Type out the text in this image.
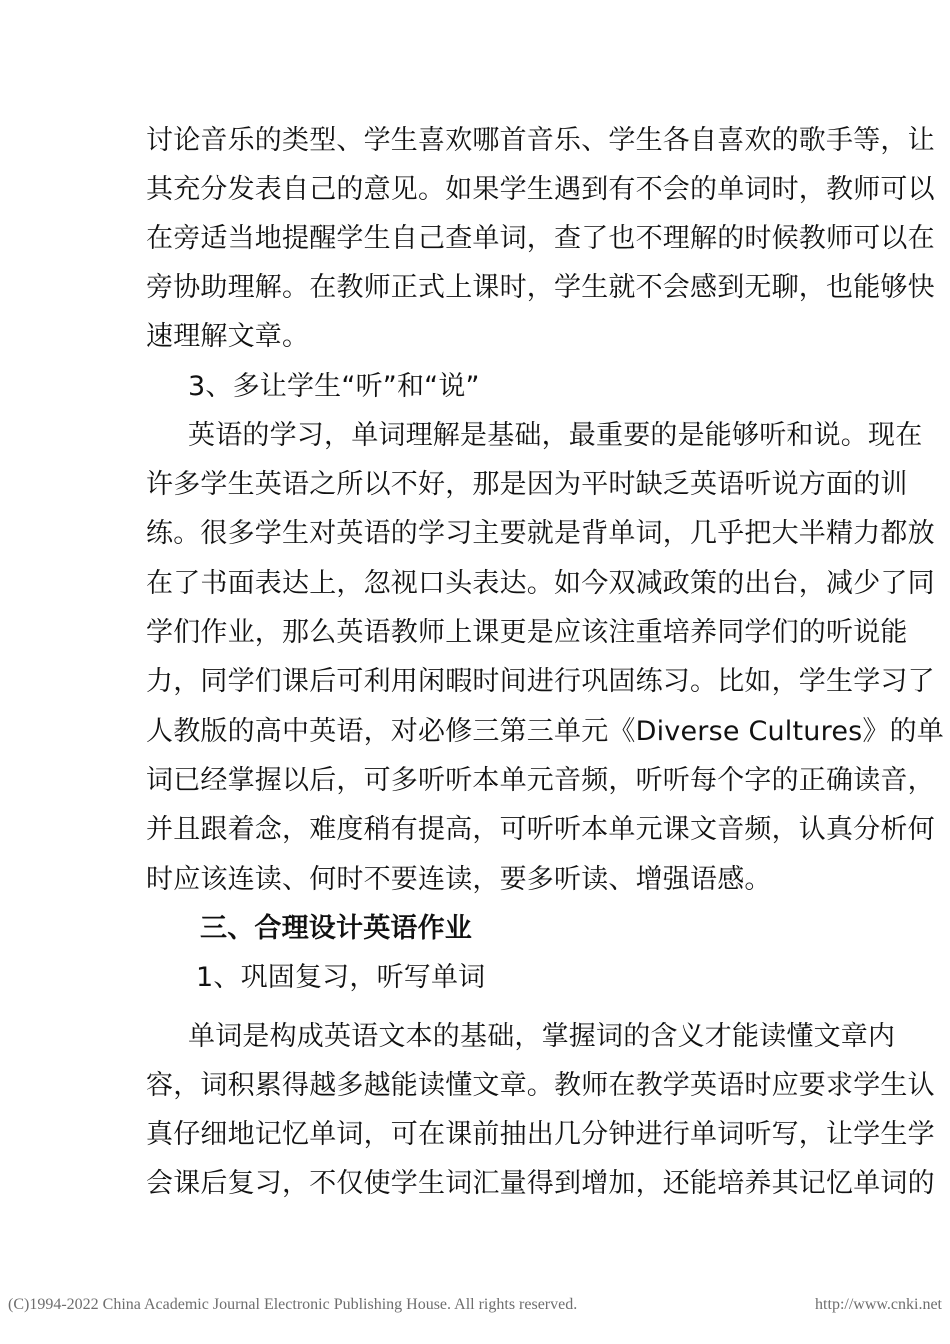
讨论音乐的类型、学生喜欢哪首音乐、学生各自喜欢的歌手等，让
其充分发表自己的意见。如果学生遇到有不会的单词时，教师可以
在旁适当地提醒学生自己查单词，查了也不理解的时候教师可以在
旁协助理解。在教师正式上课时，学生就不会感到无聊，也能够快
速理解文章。
3、多让学生“听”和“说”
英语的学习，单词理解是基础，最重要的是能够听和说。现在
许多学生英语之所以不好，那是因为平时缺乏英语听说方面的训
练。很多学生对英语的学习主要就是背单词，几乎把大半精力都放
在了书面表达上，忽视口头表达。如今双减政策的出台，减少了同
学们作业，那么英语教师上课更是应该注重培养同学们的听说能
力，同学们课后可利用闲暇时间进行巩固练习。比如，学生学习了
人教版的高中英语，对必修三第三单元《Diverse Cultures》的单
词已经掌握以后，可多听听本单元音频，听听每个字的正确读音，
并且跟着念，难度稍有提高，可听听本单元课文音频，认真分析何
时应该连读、何时不要连读，要多听读、增强语感。
三、合理设计英语作业
1、巩固复习，听写单词
单词是构成英语文本的基础，掌握词的含义才能读懂文章内
容，词积累得越多越能读懂文章。教师在教学英语时应要求学生认
真仔细地记忆单词，可在课前抽出几分钟进行单词听写，让学生学
会课后复习，不仅使学生词汇量得到增加，还能培养其记忆单词的
(C)1994-2022 China Academic Journal Electronic Publishing House. All rights reserved.	http://www.cnki.net
